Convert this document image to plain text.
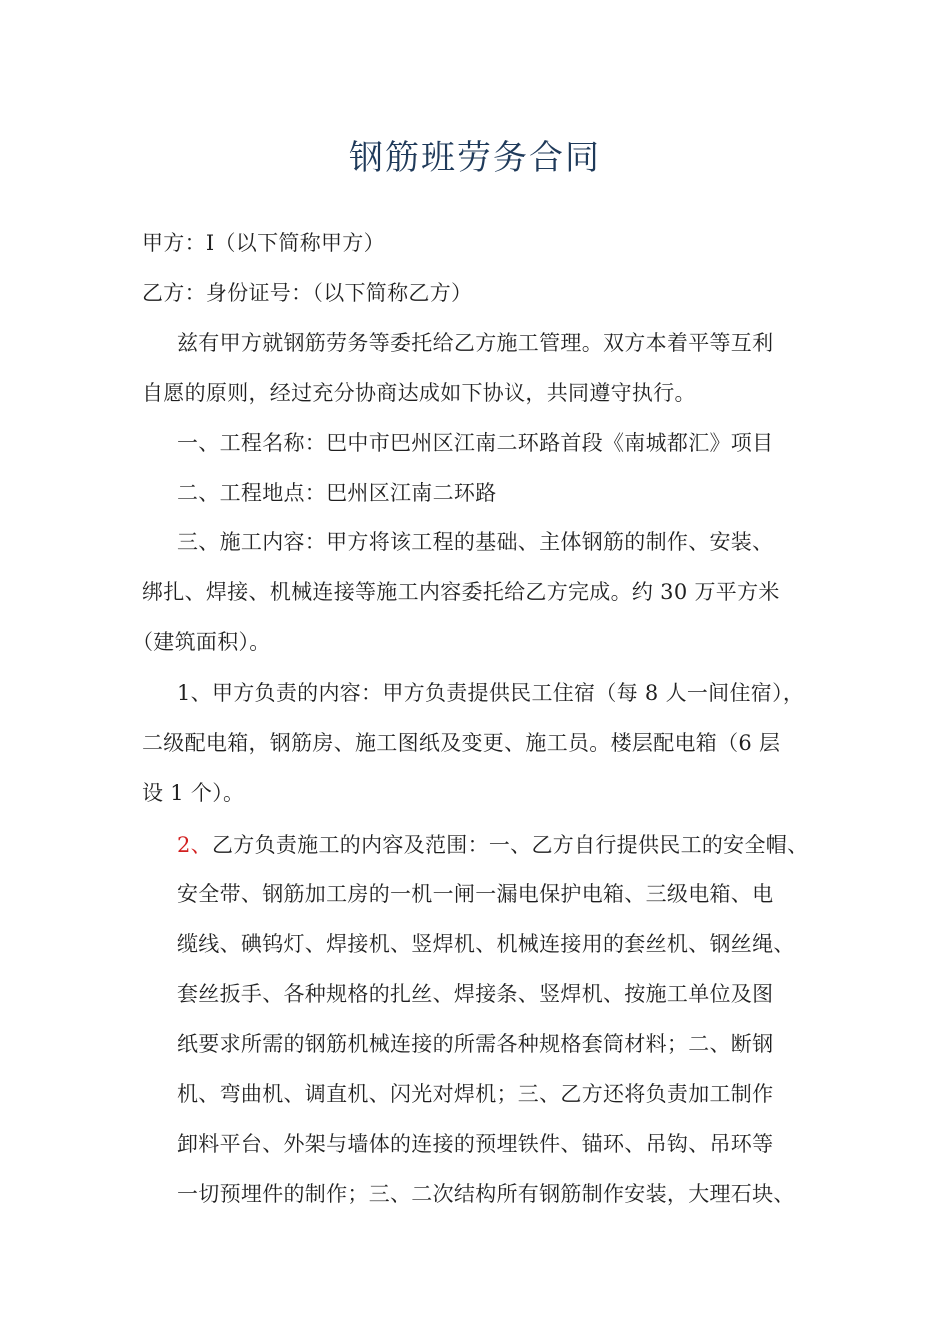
钢筋班劳务合同
甲方：I（以下简称甲方）
乙方：身份证号：（以下简称乙方）
兹有甲方就钢筋劳务等委托给乙方施工管理。双方本着平等互利
自愿的原则，经过充分协商达成如下协议，共同遵守执行。
一、工程名称：巴中市巴州区江南二环路首段《南城都汇》项目
二、工程地点：巴州区江南二环路
三、施工内容：甲方将该工程的基础、主体钢筋的制作、安装、
绑扎、焊接、机械连接等施工内容委托给乙方完成。约 30 万平方米
（建筑面积）。
1、甲方负责的内容：甲方负责提供民工住宿（每 8 人一间住宿），
二级配电箱，钢筋房、施工图纸及变更、施工员。楼层配电箱（6 层
设 1 个）。
2、乙方负责施工的内容及范围：一、乙方自行提供民工的安全帽、
安全带、钢筋加工房的一机一闸一漏电保护电箱、三级电箱、电
缆线、碘钨灯、焊接机、竖焊机、机械连接用的套丝机、钢丝绳、
套丝扳手、各种规格的扎丝、焊接条、竖焊机、按施工单位及图
纸要求所需的钢筋机械连接的所需各种规格套筒材料；二、断钢
机、弯曲机、调直机、闪光对焊机；三、乙方还将负责加工制作
卸料平台、外架与墙体的连接的预埋铁件、锚环、吊钩、吊环等
一切预埋件的制作；三、二次结构所有钢筋制作安装，大理石块、
